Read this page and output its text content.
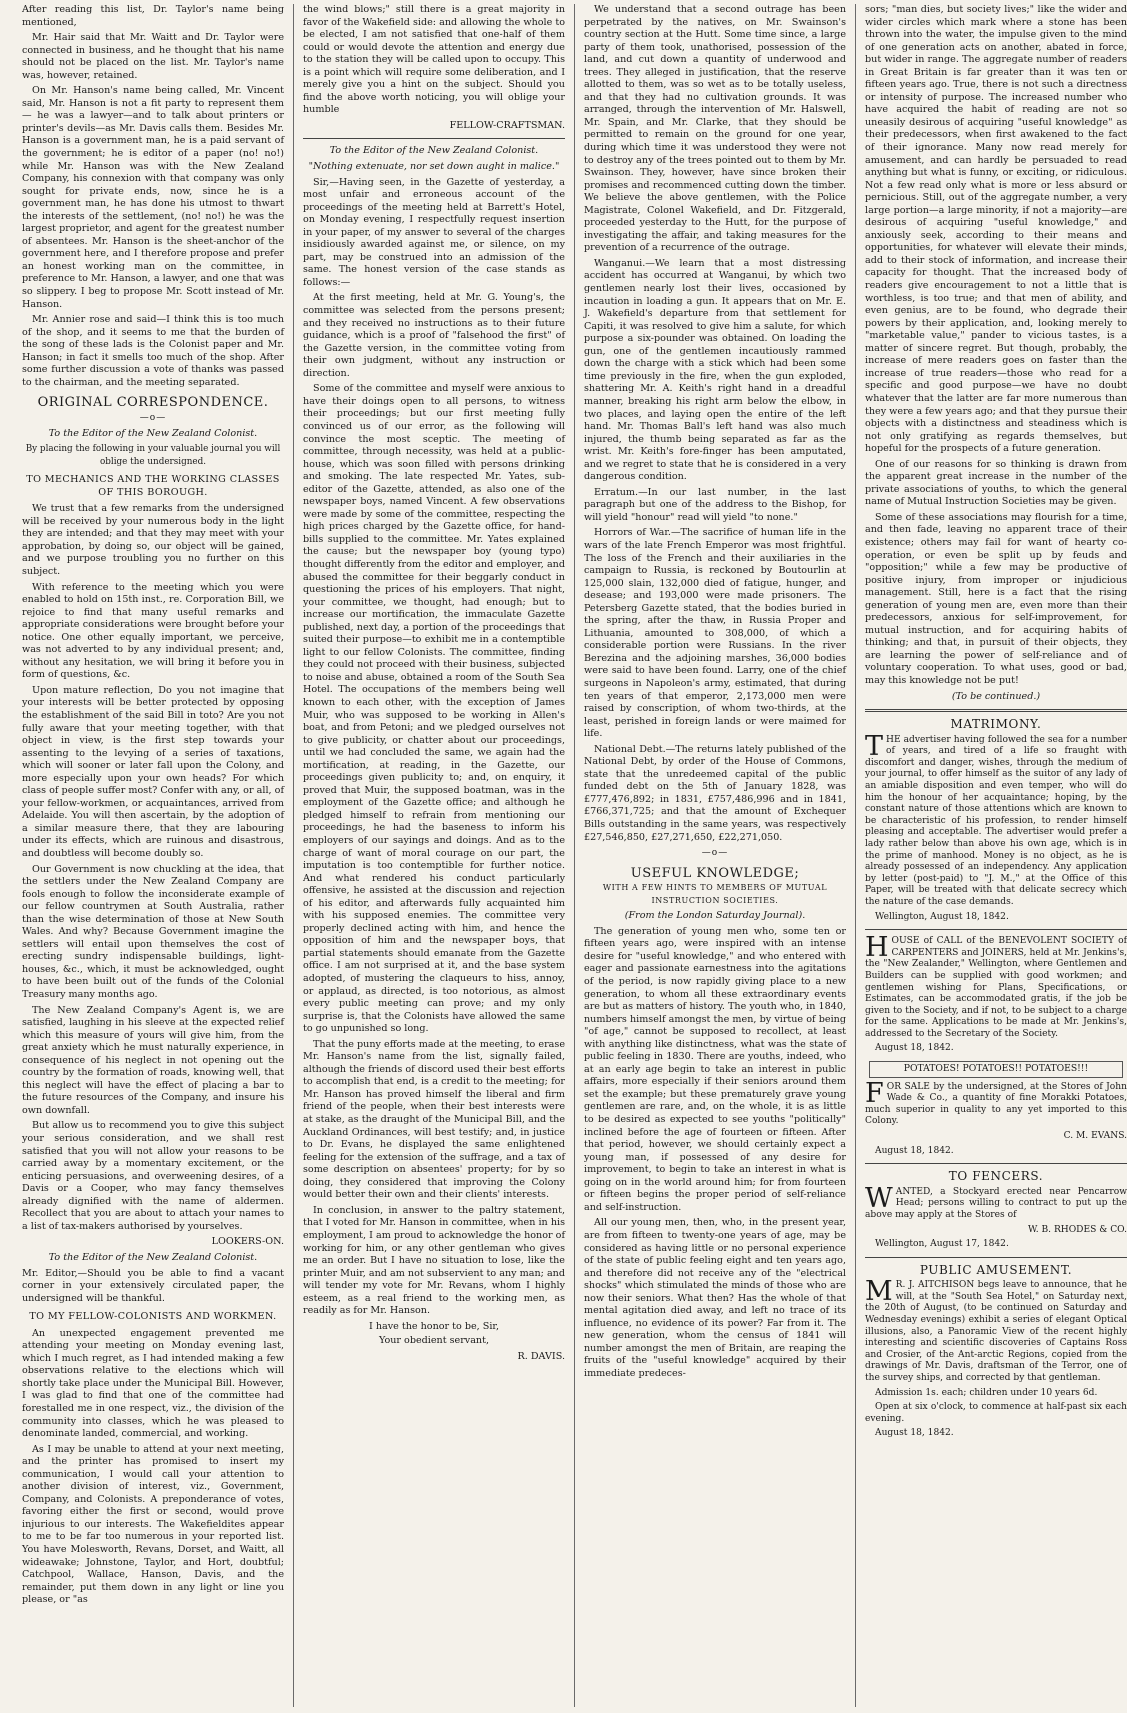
After reading this list, Dr. Taylor's name being mentioned,

Mr. Hair said that Mr. Waitt and Dr. Taylor were connected in business, and he thought that his name should not be placed on the list. Mr. Taylor's name was, however, retained.

On Mr. Hanson's name being called, Mr. Vincent said, Mr. Hanson is not a fit party to represent them— he was a lawyer—and to talk about printers or printer's devils—as Mr. Davis calls them. Besides Mr. Hanson is a government man, he is a paid servant of the government; he is editor of a paper (no! no!) while Mr. Hanson was with the New Zealand Company, his connexion with that company was only sought for private ends, now, since he is a government man, he has done his utmost to thwart the interests of the settlement, (no! no!) he was the largest proprietor, and agent for the greatest number of absentees. Mr. Hanson is the sheet-anchor of the government here, and I therefore propose and prefer an honest working man on the committee, in preference to Mr. Hanson, a lawyer, and one that was so slippery. I beg to propose Mr. Scott instead of Mr. Hanson.

Mr. Annier rose and said—I think this is too much of the shop, and it seems to me that the burden of the song of these lads is the Colonist paper and Mr. Hanson; in fact it smells too much of the shop. After some further discussion a vote of thanks was passed to the chairman, and the meeting separated.

ORIGINAL CORRESPONDENCE.
—o—
To the Editor of the New Zealand Colonist.
By placing the following in your valuable journal you will oblige the undersigned.
TO MECHANICS AND THE WORKING CLASSES OF THIS BOROUGH.

We trust that a few remarks from the undersigned will be received by your numerous body in the light they are intended; and that they may meet with your approbation, by doing so, our object will be gained, and we purpose troubling you no further on this subject.

With reference to the meeting which you were enabled to hold on 15th inst., re. Corporation Bill, we rejoice to find that many useful remarks and appropriate considerations were brought before your notice. One other equally important, we perceive, was not adverted to by any individual present; and, without any hesitation, we will bring it before you in form of questions, &c.

Upon mature reflection, Do you not imagine that your interests will be better protected by opposing the establishment of the said Bill in toto? Are you not fully aware that your meeting together, with that object in view, is the first step towards your assenting to the levying of a series of taxations, which will sooner or later fall upon the Colony, and more especially upon your own heads? For which class of people suffer most? Confer with any, or all, of your fellow-workmen, or acquaintances, arrived from Adelaide. You will then ascertain, by the adoption of a similar measure there, that they are labouring under its effects, which are ruinous and disastrous, and doubtless will become doubly so.

Our Government is now chuckling at the idea, that the settlers under the New Zealand Company are fools enough to follow the inconsiderate example of our fellow countrymen at South Australia, rather than the wise determination of those at New South Wales. And why? Because Government imagine the settlers will entail upon themselves the cost of erecting sundry indispensable buildings, light-houses, &c., which, it must be acknowledged, ought to have been built out of the funds of the Colonial Treasury many months ago.

The New Zealand Company's Agent is, we are satisfied, laughing in his sleeve at the expected relief which this measure of yours will give him, from the great anxiety which he must naturally experience, in consequence of his neglect in not opening out the country by the formation of roads, knowing well, that this neglect will have the effect of placing a bar to the future resources of the Company, and insure his own downfall.

But allow us to recommend you to give this subject your serious consideration, and we shall rest satisfied that you will not allow your reasons to be carried away by a momentary excitement, or the enticing persuasions, and overweening desires, of a Davis or a Cooper, who may fancy themselves already dignified with the name of aldermen. Recollect that you are about to attach your names to a list of tax-makers authorised by yourselves.

LOOKERS-ON.
To the Editor of the New Zealand Colonist.

Mr. Editor,—Should you be able to find a vacant corner in your extensively circulated paper, the undersigned will be thankful.

TO MY FELLOW-COLONISTS AND WORKMEN.

An unexpected engagement prevented me attending your meeting on Monday evening last, which I much regret, as I had intended making a few observations relative to the elections which will shortly take place under the Municipal Bill. However, I was glad to find that one of the committee had forestalled me in one respect, viz., the division of the community into classes, which he was pleased to denominate landed, commercial, and working.

As I may be unable to attend at your next meeting, and the printer has promised to insert my communication, I would call your attention to another division of interest, viz., Government, Company, and Colonists. A preponderance of votes, favoring either the first or second, would prove injurious to our interests. The Wakefieldites appear to me to be far too numerous in your reported list. You have Molesworth, Revans, Dorset, and Waitt, all wideawake; Johnstone, Taylor, and Hort, doubtful; Catchpool, Wallace, Hanson, Davis, and the remainder, put them down in any light or line you please, or "as

the wind blows;" still there is a great majority in favor of the Wakefield side: and allowing the whole to be elected, I am not satisfied that one-half of them could or would devote the attention and energy due to the station they will be called upon to occupy. This is a point which will require some deliberation, and I merely give you a hint on the subject. Should you find the above worth noticing, you will oblige your humble

FELLOW-CRAFTSMAN.
To the Editor of the New Zealand Colonist.
"Nothing extenuate, nor set down aught in malice."

Sir,—Having seen, in the Gazette of yesterday, a most unfair and erroneous account of the proceedings of the meeting held at Barrett's Hotel, on Monday evening, I respectfully request insertion in your paper, of my answer to several of the charges insidiously awarded against me, or silence, on my part, may be construed into an admission of the same. The honest version of the case stands as follows:—

At the first meeting, held at Mr. G. Young's, the committee was selected from the persons present; and they received no instructions as to their future guidance, which is a proof of "falsehood the first" of the Gazette version, in the committee voting from their own judgment, without any instruction or direction.

Some of the committee and myself were anxious to have their doings open to all persons, to witness their proceedings; but our first meeting fully convinced us of our error, as the following will convince the most sceptic. The meeting of committee, through necessity, was held at a public-house, which was soon filled with persons drinking and smoking. The late respected Mr. Yates, sub-editor of the Gazette, attended, as also one of the newspaper boys, named Vincent. A few observations were made by some of the committee, respecting the high prices charged by the Gazette office, for hand-bills supplied to the committee. Mr. Yates explained the cause; but the newspaper boy (young typo) thought differently from the editor and employer, and abused the committee for their beggarly conduct in questioning the prices of his employers. That night, your committee, we thought, had enough; but to increase our mortification, the immaculate Gazette published, next day, a portion of the proceedings that suited their purpose—to exhibit me in a contemptible light to our fellow Colonists. The committee, finding they could not proceed with their business, subjected to noise and abuse, obtained a room of the South Sea Hotel. The occupations of the members being well known to each other, with the exception of James Muir, who was supposed to be working in Allen's boat, and from Petoni; and we pledged ourselves not to give publicity, or chatter about our proceedings, until we had concluded the same, we again had the mortification, at reading, in the Gazette, our proceedings given publicity to; and, on enquiry, it proved that Muir, the supposed boatman, was in the employment of the Gazette office; and although he pledged himself to refrain from mentioning our proceedings, he had the baseness to inform his employers of our sayings and doings. And as to the charge of want of moral courage on our part, the imputation is too contemptible for further notice. And what rendered his conduct particularly offensive, he assisted at the discussion and rejection of his editor, and afterwards fully acquainted him with his supposed enemies. The committee very properly declined acting with him, and hence the opposition of him and the newspaper boys, that partial statements should emanate from the Gazette office. I am not surprised at it, and the base system adopted, of mustering the claqueurs to hiss, annoy, or applaud, as directed, is too notorious, as almost every public meeting can prove; and my only surprise is, that the Colonists have allowed the same to go unpunished so long.

That the puny efforts made at the meeting, to erase Mr. Hanson's name from the list, signally failed, although the friends of discord used their best efforts to accomplish that end, is a credit to the meeting; for Mr. Hanson has proved himself the liberal and firm friend of the people, when their best interests were at stake, as the draught of the Municipal Bill, and the Auckland Ordinances, will best testify; and, in justice to Dr. Evans, he displayed the same enlightened feeling for the extension of the suffrage, and a tax of some description on absentees' property; for by so doing, they considered that improving the Colony would better their own and their clients' interests.

In conclusion, in answer to the paltry statement, that I voted for Mr. Hanson in committee, when in his employment, I am proud to acknowledge the honor of working for him, or any other gentleman who gives me an order. But I have no situation to lose, like the printer Muir, and am not subservient to any man; and will tender my vote for Mr. Revans, whom I highly esteem, as a real friend to the working men, as readily as for Mr. Hanson.

I have the honor to be, Sir,
Your obedient servant,
R. DAVIS.

We understand that a second outrage has been perpetrated by the natives, on Mr. Swainson's country section at the Hutt. Some time since, a large party of them took, unathorised, possession of the land, and cut down a quantity of underwood and trees. They alleged in justification, that the reserve allotted to them, was so wet as to be totally useless, and that they had no cultivation grounds. It was arranged, through the intervention of Mr. Halswell, Mr. Spain, and Mr. Clarke, that they should be permitted to remain on the ground for one year, during which time it was understood they were not to destroy any of the trees pointed out to them by Mr. Swainson. They, however, have since broken their promises and recommenced cutting down the timber. We believe the above gentlemen, with the Police Magistrate, Colonel Wakefield, and Dr. Fitzgerald, proceeded yesterday to the Hutt, for the purpose of investigating the affair, and taking measures for the prevention of a recurrence of the outrage.

Wanganui.—We learn that a most distressing accident has occurred at Wanganui, by which two gentlemen nearly lost their lives, occasioned by incaution in loading a gun. It appears that on Mr. E. J. Wakefield's departure from that settlement for Capiti, it was resolved to give him a salute, for which purpose a six-pounder was obtained. On loading the gun, one of the gentlemen incautiously rammed down the charge with a stick which had been some time previously in the fire, when the gun exploded, shattering Mr. A. Keith's right hand in a dreadful manner, breaking his right arm below the elbow, in two places, and laying open the entire of the left hand. Mr. Thomas Ball's left hand was also much injured, the thumb being separated as far as the wrist. Mr. Keith's fore-finger has been amputated, and we regret to state that he is considered in a very dangerous condition.

Erratum.—In our last number, in the last paragraph but one of the address to the Bishop, for will yield "honour" read will yield "to none."

Horrors of War.—The sacrifice of human life in the wars of the late French Emperor was most frightful. The loss of the French and their auxiliaries in the campaign to Russia, is reckoned by Boutourlin at 125,000 slain, 132,000 died of fatigue, hunger, and desease; and 193,000 were made prisoners. The Petersberg Gazette stated, that the bodies buried in the spring, after the thaw, in Russia Proper and Lithuania, amounted to 308,000, of which a considerable portion were Russians. In the river Berezina and the adjoining marshes, 36,000 bodies were said to have been found. Larry, one of the chief surgeons in Napoleon's army, estimated, that during ten years of that emperor, 2,173,000 men were raised by conscription, of whom two-thirds, at the least, perished in foreign lands or were maimed for life.

National Debt.—The returns lately published of the National Debt, by order of the House of Commons, state that the unredeemed capital of the public funded debt on the 5th of January 1828, was £777,476,892; in 1831, £757,486,996 and in 1841, £766,371,725; and that the amount of Exchequer Bills outstanding in the same years, was respectively £27,546,850, £27,271,650, £22,271,050.

—o—
USEFUL KNOWLEDGE;
WITH A FEW HINTS TO MEMBERS OF MUTUAL INSTRUCTION SOCIETIES.
(From the London Saturday Journal).

The generation of young men who, some ten or fifteen years ago, were inspired with an intense desire for "useful knowledge," and who entered with eager and passionate earnestness into the agitations of the period, is now rapidly giving place to a new generation, to whom all these extraordinary events are but as matters of history. The youth who, in 1840, numbers himself amongst the men, by virtue of being "of age," cannot be supposed to recollect, at least with anything like distinctness, what was the state of public feeling in 1830. There are youths, indeed, who at an early age begin to take an interest in public affairs, more especially if their seniors around them set the example; but these prematurely grave young gentlemen are rare, and, on the whole, it is as little to be desired as expected to see youths "politically" inclined before the age of fourteen or fifteen. After that period, however, we should certainly expect a young man, if possessed of any desire for improvement, to begin to take an interest in what is going on in the world around him; for from fourteen or fifteen begins the proper period of self-reliance and self-instruction.

All our young men, then, who, in the present year, are from fifteen to twenty-one years of age, may be considered as having little or no personal experience of the state of public feeling eight and ten years ago, and therefore did not receive any of the "electrical shocks" which stimulated the minds of those who are now their seniors. What then? Has the whole of that mental agitation died away, and left no trace of its influence, no evidence of its power? Far from it. The new generation, whom the census of 1841 will number amongst the men of Britain, are reaping the fruits of the "useful knowledge" acquired by their immediate predeces-

sors; "man dies, but society lives;" like the wider and wider circles which mark where a stone has been thrown into the water, the impulse given to the mind of one generation acts on another, abated in force, but wider in range. The aggregate number of readers in Great Britain is far greater than it was ten or fifteen years ago. True, there is not such a directness or intensity of purpose. The increased number who have acquired the habit of reading are not so uneasily desirous of acquiring "useful knowledge" as their predecessors, when first awakened to the fact of their ignorance. Many now read merely for amusement, and can hardly be persuaded to read anything but what is funny, or exciting, or ridiculous. Not a few read only what is more or less absurd or pernicious. Still, out of the aggregate number, a very large portion—a large minority, if not a majority—are desirous of acquiring "useful knowledge," and anxiously seek, according to their means and opportunities, for whatever will elevate their minds, add to their stock of information, and increase their capacity for thought. That the increased body of readers give encouragement to not a little that is worthless, is too true; and that men of ability, and even genius, are to be found, who degrade their powers by their application, and, looking merely to "marketable value," pander to vicious tastes, is a matter of sincere regret. But though, probably, the increase of mere readers goes on faster than the increase of true readers—those who read for a specific and good purpose—we have no doubt whatever that the latter are far more numerous than they were a few years ago; and that they pursue their objects with a distinctness and steadiness which is not only gratifying as regards themselves, but hopeful for the prospects of a future generation.

One of our reasons for so thinking is drawn from the apparent great increase in the number of the private associations of youths, to which the general name of Mutual Instruction Societies may be given.

Some of these associations may flourish for a time, and then fade, leaving no apparent trace of their existence; others may fail for want of hearty co-operation, or even be split up by feuds and "opposition;" while a few may be productive of positive injury, from improper or injudicious management. Still, here is a fact that the rising generation of young men are, even more than their predecessors, anxious for self-improvement, for mutual instruction, and for acquiring habits of thinking; and that, in pursuit of their objects, they are learning the power of self-reliance and of voluntary cooperation. To what uses, good or bad, may this knowledge not be put!

(To be continued.)
MATRIMONY.

THE advertiser having followed the sea for a number of years, and tired of a life so fraught with discomfort and danger, wishes, through the medium of your journal, to offer himself as the suitor of any lady of an amiable disposition and even temper, who will do him the honour of her acquaintance; hoping, by the constant nature of those attentions which are known to be characteristic of his profession, to render himself pleasing and acceptable. The advertiser would prefer a lady rather below than above his own age, which is in the prime of manhood. Money is no object, as he is already possessed of an independency. Any application by letter (post-paid) to "J. M.," at the Office of this Paper, will be treated with that delicate secrecy which the nature of the case demands.

Wellington, August 18, 1842.

HOUSE of CALL of the BENEVOLENT SOCIETY of CARPENTERS and JOINERS, held at Mr. Jenkins's, the "New Zealander," Wellington, where Gentlemen and Builders can be supplied with good workmen; and gentlemen wishing for Plans, Specifications, or Estimates, can be accommodated gratis, if the job be given to the Society, and if not, to be subject to a charge for the same. Applications to be made at Mr. Jenkins's, addressed to the Secretary of the Society.

August 18, 1842.

POTATOES! POTATOES!! POTATOES!!!

FOR SALE by the undersigned, at the Stores of John Wade & Co., a quantity of fine Morakki Potatoes, much superior in quality to any yet imported to this Colony.

C. M. EVANS.

August 18, 1842.

TO FENCERS.

WANTED, a Stockyard erected near Pencarrow Head; persons willing to contract to put up the above may apply at the Stores of

W. B. RHODES & CO.

Wellington, August 17, 1842.

PUBLIC AMUSEMENT.

M R. J. AITCHISON begs leave to announce, that he will, at the "South Sea Hotel," on Saturday next, the 20th of August, (to be continued on Saturday and Wednesday evenings) exhibit a series of elegant Optical illusions, also, a Panoramic View of the recent highly interesting and scientific discoveries of Captains Ross and Crosier, of the Ant-arctic Regions, copied from the drawings of Mr. Davis, draftsman of the Terror, one of the survey ships, and corrected by that gentleman.

Admission 1s. each; children under 10 years 6d.

Open at six o'clock, to commence at half-past six each evening.

August 18, 1842.
